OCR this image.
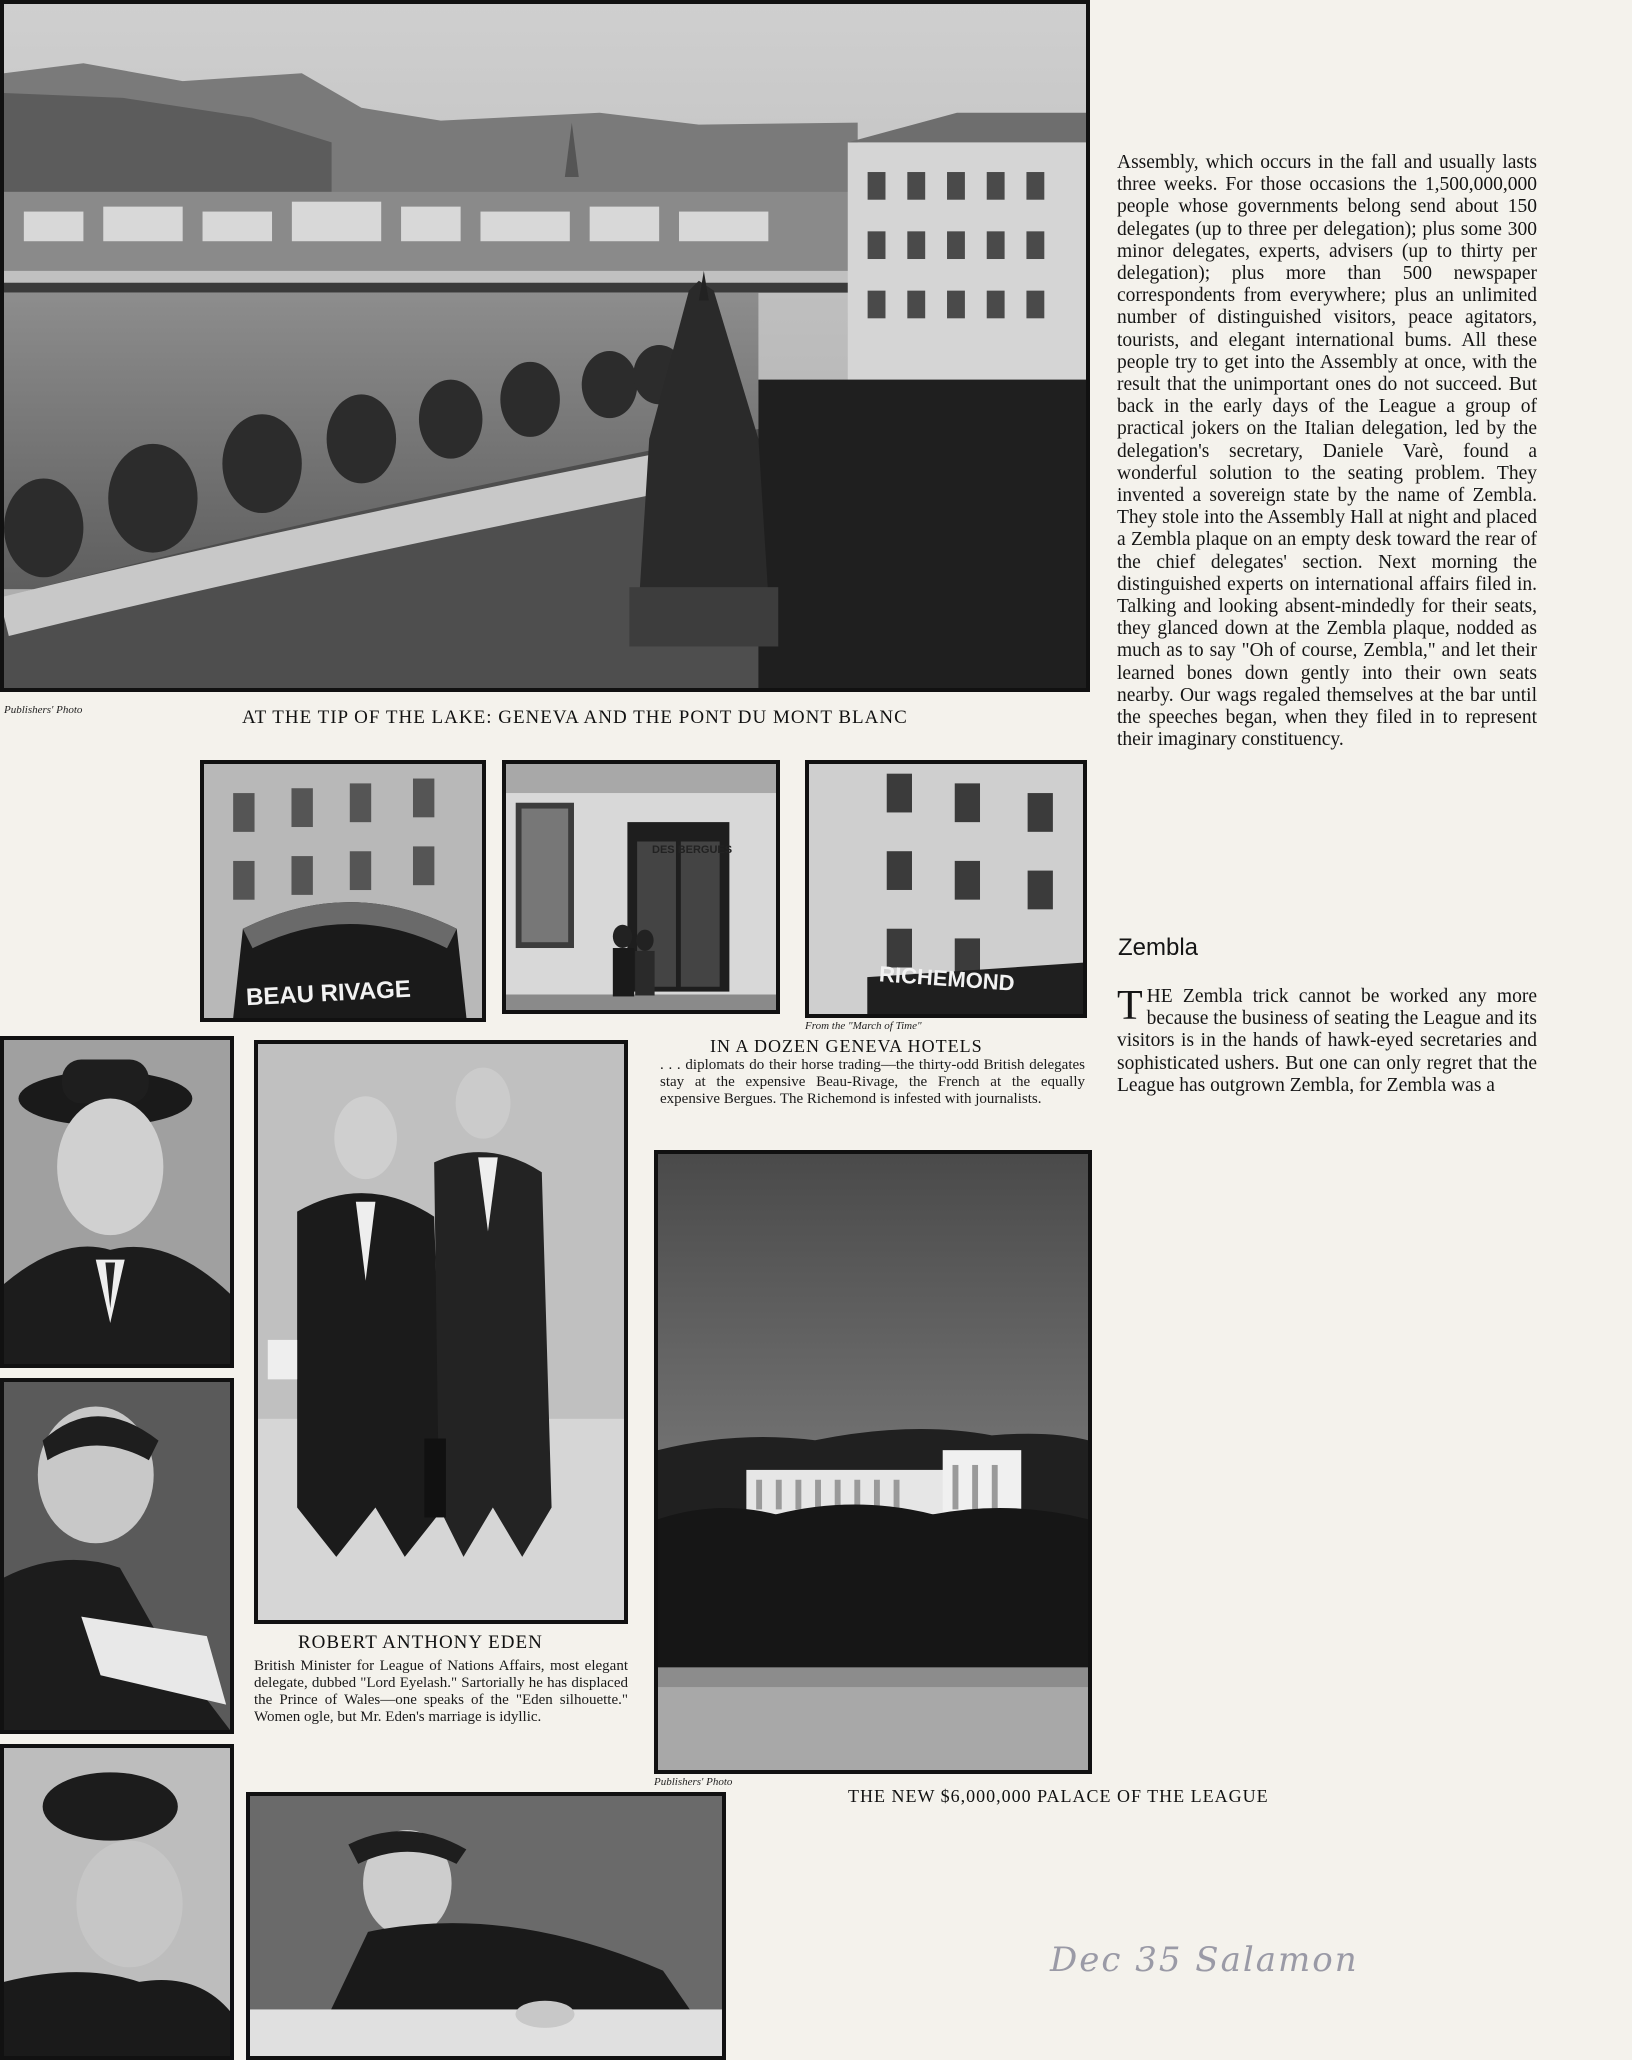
Publishers' Photo	AT THE TIP OF THE LAKE: GENEVA AND THE PONT DU MONT BLANC
BEAU RIVAGE
DES BERGUES
RICHEMOND
From the "March of Time"
IN A DOZEN GENEVA HOTELS
. . . diplomats do their horse trading—the thirty-odd British delegates stay at the expensive Beau-Rivage, the French at the equally expensive Bergues. The Richemond is infested with journalists.
ROBERT ANTHONY EDEN
British Minister for League of Nations Affairs, most elegant delegate, dubbed "Lord Eyelash." Sartorially he has displaced the Prince of Wales—one speaks of the "Eden silhouette." Women ogle, but Mr. Eden's marriage is idyllic.
Publishers' Photo
THE NEW $6,000,000 PALACE OF THE LEAGUE

Assembly, which occurs in the fall and usually lasts three weeks. For those occasions the 1,500,000,000 people whose governments belong send about 150 delegates (up to three per delegation); plus some 300 minor delegates, experts, advisers (up to thirty per delegation); plus more than 500 newspaper correspondents from everywhere; plus an unlimited number of distinguished visitors, peace agitators, tourists, and elegant international bums. All these people try to get into the Assembly at once, with the result that the unimportant ones do not succeed. But back in the early days of the League a group of practical jokers on the Italian delegation, led by the delegation's secretary, Daniele Varè, found a wonderful solution to the seating problem. They invented a sovereign state by the name of Zembla. They stole into the Assembly Hall at night and placed a Zembla plaque on an empty desk toward the rear of the chief delegates' section. Next morning the distinguished experts on international affairs filed in. Talking and looking absent-mindedly for their seats, they glanced down at the Zembla plaque, nodded as much as to say "Oh of course, Zembla," and let their learned bones down gently into their own seats nearby. Our wags regaled themselves at the bar until the speeches began, when they filed in to represent their imaginary constituency.

Zembla

THE Zembla trick cannot be worked any more because the business of seating the League and its visitors is in the hands of hawk-eyed secretaries and sophisticated ushers. But one can only regret that the League has outgrown Zembla, for Zembla was a

Dec 35 Salamon
